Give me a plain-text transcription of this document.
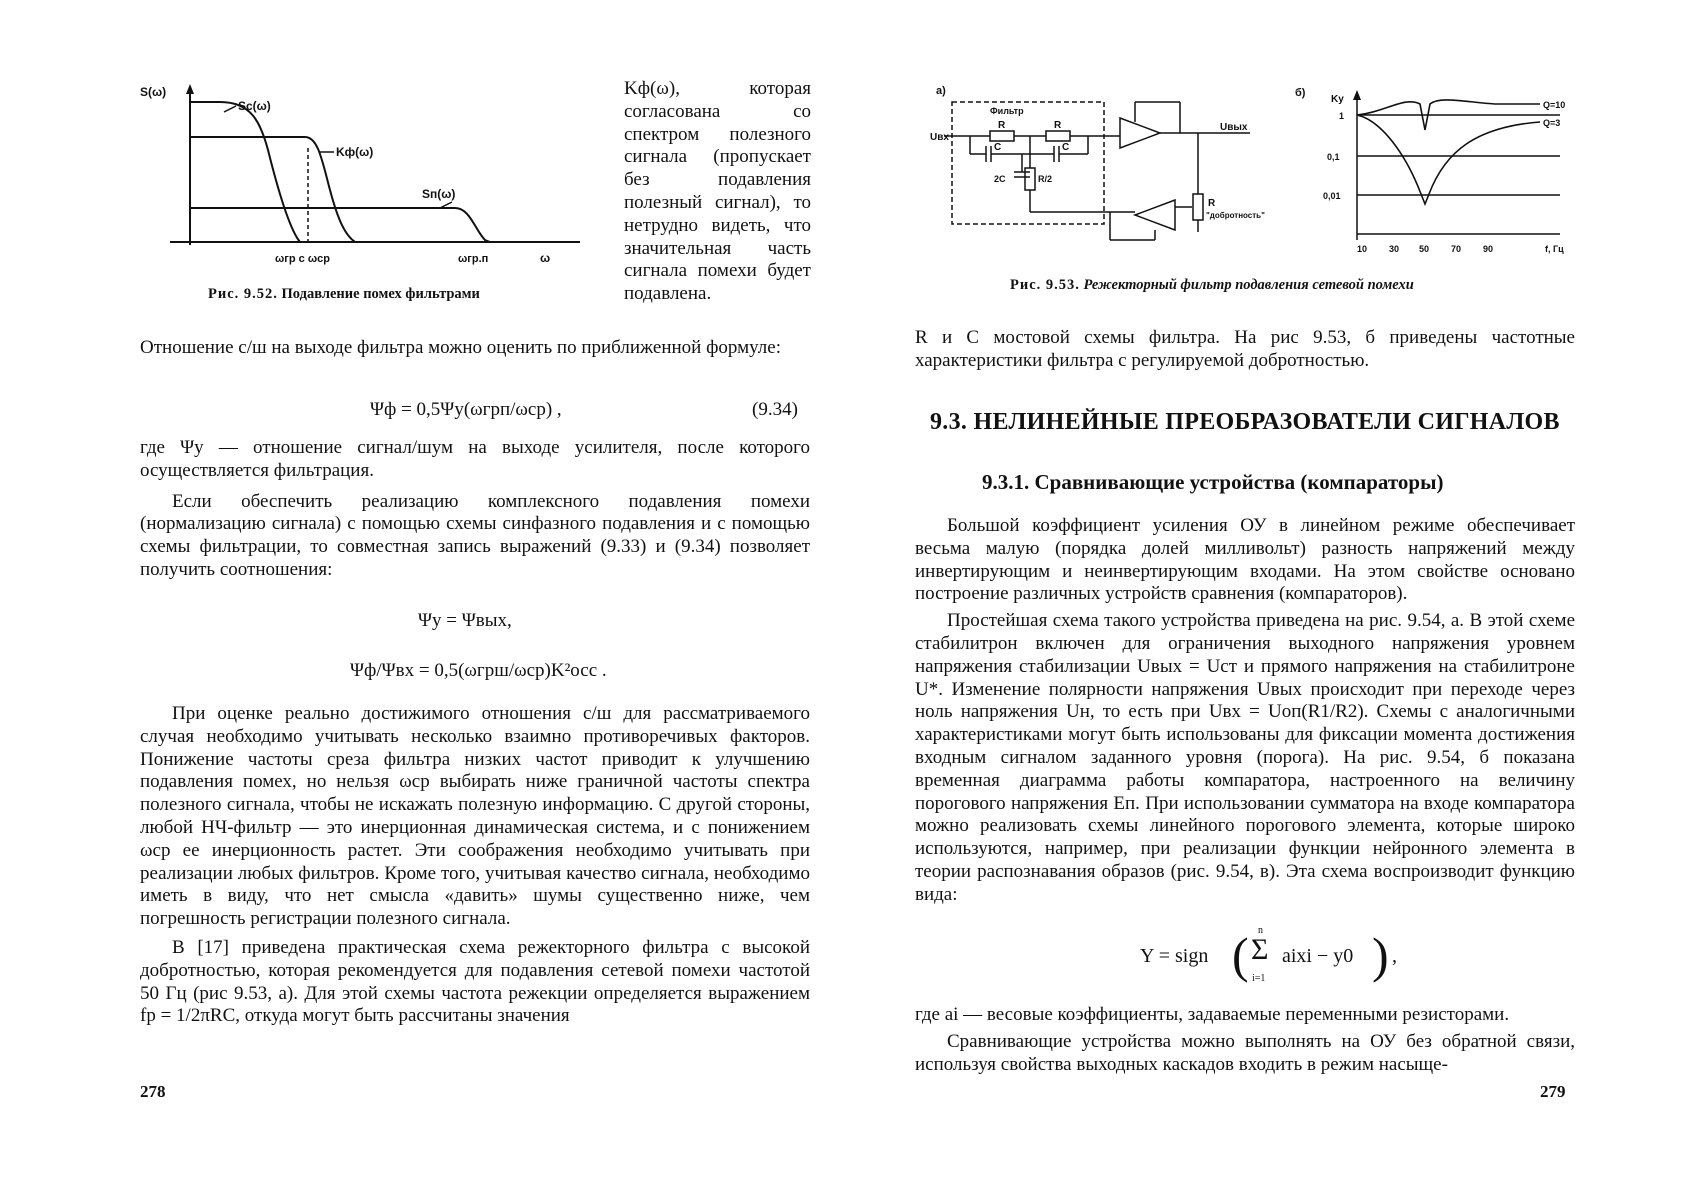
S(ω)
Sс(ω)
Kф(ω)
Sп(ω)
ωгр с ωср	ωгр.п	ω
Рис. 9.52. Подавление помех фильтрами

Kф(ω), которая согласована со спектром полезного сигнала (пропускает без подавления полезный сигнал), то нетрудно видеть, что значительная часть сигнала помехи будет подавлена.

Отношение с/ш на выходе фильтра можно оценить по приближенной формуле:

Ψф = 0,5Ψу(ωгрп/ωср) ,	(9.34)

где Ψу — отношение сигнал/шум на выходе усилителя, после которого осуществляется фильтрация.

Если обеспечить реализацию комплексного подавления помехи (нормализацию сигнала) с помощью схемы синфазного подавления и с помощью схемы фильтрации, то совместная запись выражений (9.33) и (9.34) позволяет получить соотношения:

Ψу = Ψвых,
Ψф/Ψвх = 0,5(ωгрш/ωср)K²осс .

При оценке реально достижимого отношения с/ш для рассматриваемого случая необходимо учитывать несколько взаимно противоречивых факторов. Понижение частоты среза фильтра низких частот приводит к улучшению подавления помех, но нельзя ωср выбирать ниже граничной частоты спектра полезного сигнала, чтобы не искажать полезную информацию. С другой стороны, любой НЧ-фильтр — это инерционная динамическая система, и с понижением ωср ее инерционность растет. Эти соображения необходимо учитывать при реализации любых фильтров. Кроме того, учитывая качество сигнала, необходимо иметь в виду, что нет смысла «давить» шумы существенно ниже, чем погрешность регистрации полезного сигнала.

В [17] приведена практическая схема режекторного фильтра с высокой добротностью, которая рекомендуется для подавления сетевой помехи частотой 50 Гц (рис 9.53, а). Для этой схемы частота режекции определяется выражением fр = 1/2πRC, откуда могут быть рассчитаны значения

278
а)
Фильтр
R	R
C	C
R/2
2C
Uвх
Uвых
R
"добротность"
б)
Kу
1
0,1
0,01
Q=10
Q=3
10 30 50 70 90	f, Гц
Рис. 9.53. Режекторный фильтр подавления сетевой помехи

R и C мостовой схемы фильтра. На рис 9.53, б приведены частотные характеристики фильтра с регулируемой добротностью.

9.3. НЕЛИНЕЙНЫЕ ПРЕОБРАЗОВАТЕЛИ СИГНАЛОВ
9.3.1. Сравнивающие устройства (компараторы)

Большой коэффициент усиления ОУ в линейном режиме обеспечивает весьма малую (порядка долей милливольт) разность напряжений между инвертирующим и неинвертирующим входами. На этом свойстве основано построение различных устройств сравнения (компараторов).

Простейшая схема такого устройства приведена на рис. 9.54, а. В этой схеме стабилитрон включен для ограничения выходного напряжения уровнем напряжения стабилизации Uвых = Uст и прямого напряжения на стабилитроне U*. Изменение полярности напряжения Uвых происходит при переходе через ноль напряжения Uн, то есть при Uвх = Uоп(R1/R2). Схемы с аналогичными характеристиками могут быть использованы для фиксации момента достижения входным сигналом заданного уровня (порога). На рис. 9.54, б показана временная диаграмма работы компаратора, настроенного на величину порогового напряжения Eп. При использовании сумматора на входе компаратора можно реализовать схемы линейного порогового элемента, которые широко используются, например, при реализации функции нейронного элемента в теории распознавания образов (рис. 9.54, в). Эта схема воспроизводит функцию вида:

Y = sign ( n
Σ
i=1
aixi − y0 ) ,

где ai — весовые коэффициенты, задаваемые переменными резисторами.

Сравнивающие устройства можно выполнять на ОУ без обратной связи, используя свойства выходных каскадов входить в режим насыще-

279
